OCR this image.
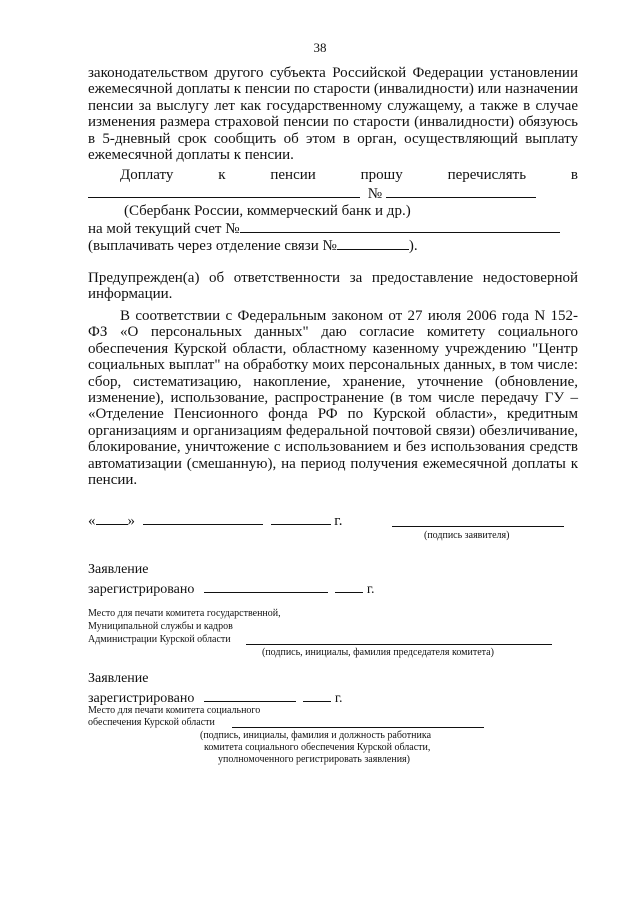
38
законодательством другого субъекта Российской Федерации установлении ежемесячной доплаты к пенсии по старости (инвалидности) или назначении пенсии за выслугу лет как государственному служащему, а также в случае изменения размера страховой пенсии по старости (инвалидности) обязуюсь в 5-дневный срок сообщить об этом в орган, осуществляющий выплату ежемесячной доплаты к пенсии.
Доплату	к	пенсии	прошу	перечислять	в
№
(Сбербанк России, коммерческий банк и др.)
на мой текущий счет №
(выплачивать через отделение связи №	).
Предупрежден(а) об ответственности за предоставление недостоверной информации.
В соответствии с Федеральным законом от 27 июля 2006 года N 152-ФЗ «О персональных данных" даю согласие комитету социального обеспечения Курской области, областному казенному учреждению "Центр социальных выплат" на обработку моих персональных данных, в том числе: сбор, систематизацию, накопление, хранение, уточнение (обновление, изменение), использование, распространение (в том числе передачу ГУ – «Отделение Пенсионного фонда РФ по Курской области», кредитным организациям и организациям федеральной почтовой связи) обезличивание, блокирование, уничтожение с использованием и без использования средств автоматизации (смешанную), на период получения ежемесячной доплаты к пенсии.
« »	г.
(подпись заявителя)
Заявление
зарегистрировано	г.
Место для печати комитета государственной,
Муниципальной службы и кадров
Администрации Курской области
(подпись, инициалы, фамилия председателя комитета)
Заявление
зарегистрировано	г.
Место для печати комитета социального
обеспечения Курской области
(подпись, инициалы, фамилия и должность работника
комитета социального обеспечения Курской области,
уполномоченного регистрировать заявления)
